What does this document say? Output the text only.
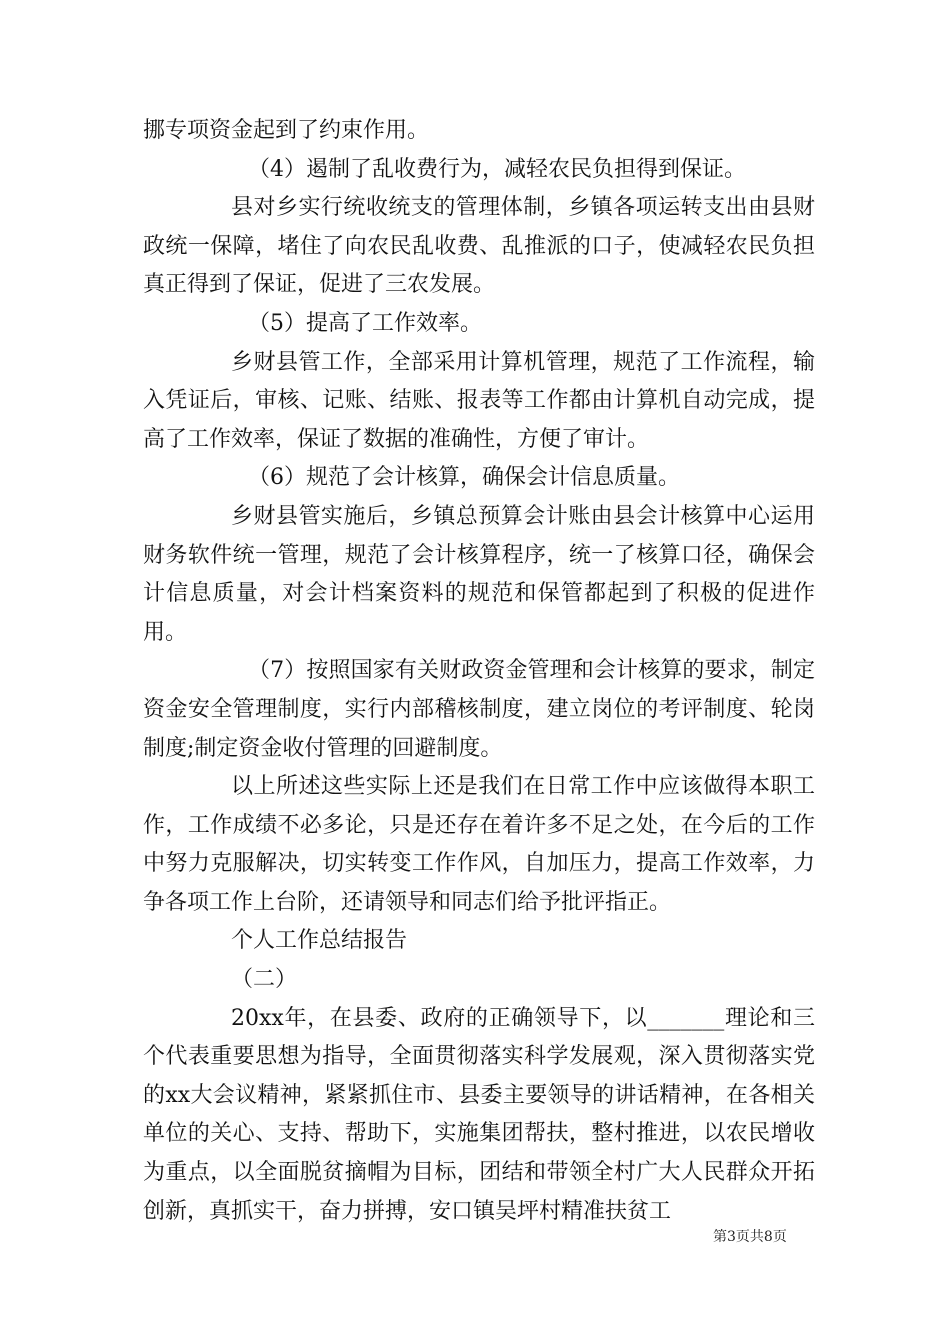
挪专项资金起到了约束作用。

（4）遏制了乱收费行为，减轻农民负担得到保证。

县对乡实行统收统支的管理体制，乡镇各项运转支出由县财政统一保障，堵住了向农民乱收费、乱推派的口子，使减轻农民负担真正得到了保证，促进了三农发展。

（5）提高了工作效率。

乡财县管工作，全部采用计算机管理，规范了工作流程，输入凭证后，审核、记账、结账、报表等工作都由计算机自动完成，提高了工作效率，保证了数据的准确性，方便了审计。

（6）规范了会计核算，确保会计信息质量。

乡财县管实施后，乡镇总预算会计账由县会计核算中心运用财务软件统一管理，规范了会计核算程序，统一了核算口径，确保会计信息质量，对会计档案资料的规范和保管都起到了积极的促进作用。

（7）按照国家有关财政资金管理和会计核算的要求，制定资金安全管理制度，实行内部稽核制度，建立岗位的考评制度、轮岗制度;制定资金收付管理的回避制度。

以上所述这些实际上还是我们在日常工作中应该做得本职工作，工作成绩不必多论，只是还存在着许多不足之处，在今后的工作中努力克服解决，切实转变工作作风，自加压力，提高工作效率，力争各项工作上台阶，还请领导和同志们给予批评指正。

个人工作总结报告

（二）

20xx年，在县委、政府的正确领导下，以_______理论和三个代表重要思想为指导，全面贯彻落实科学发展观，深入贯彻落实党的xx大会议精神，紧紧抓住市、县委主要领导的讲话精神，在各相关单位的关心、支持、帮助下，实施集团帮扶，整村推进，以农民增收为重点，以全面脱贫摘帽为目标，团结和带领全村广大人民群众开拓创新，真抓实干，奋力拼搏，安口镇吴坪村精准扶贫工

第3页共8页
